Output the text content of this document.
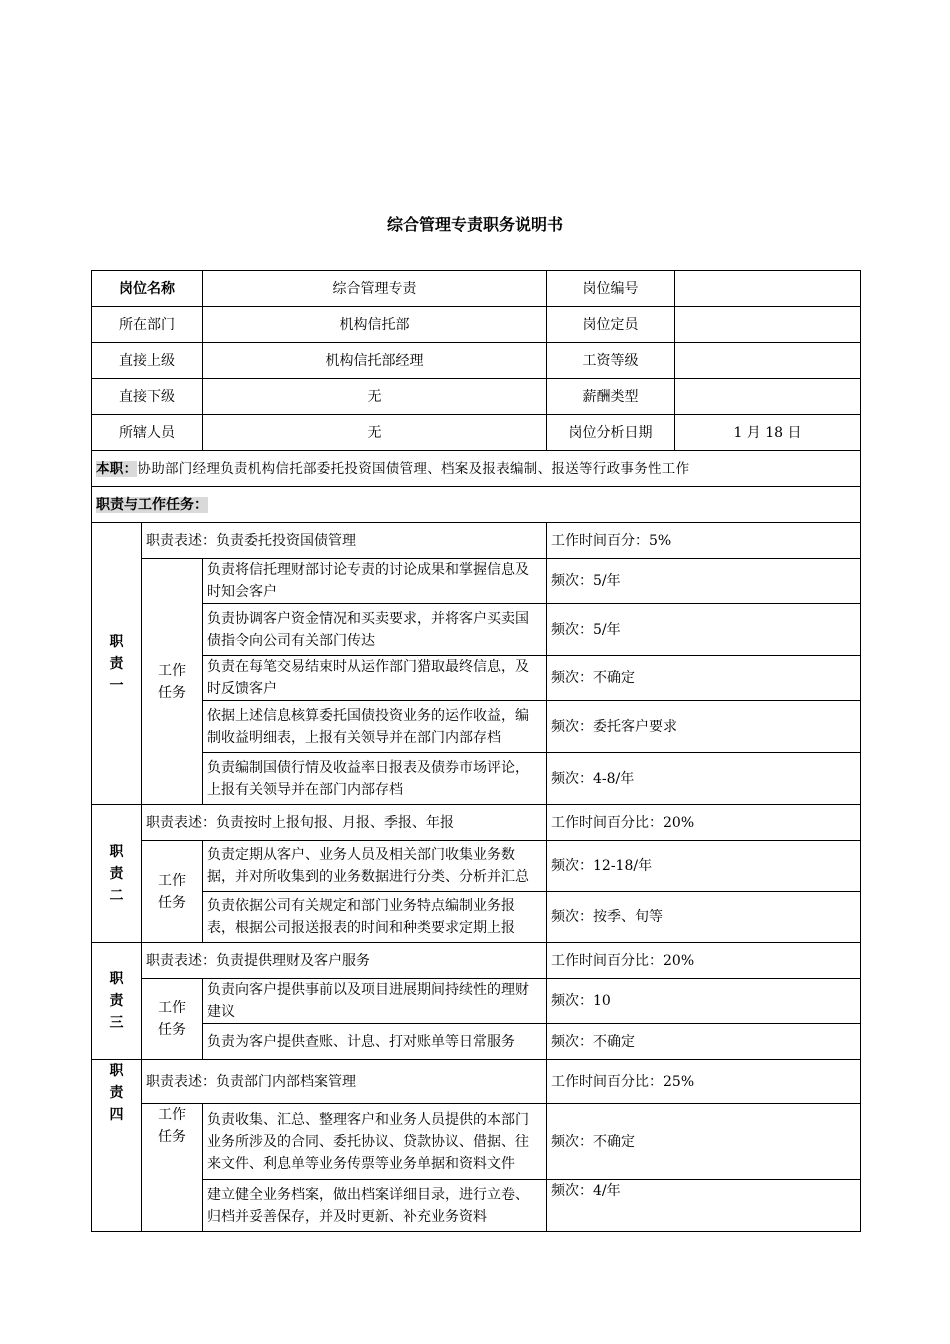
综合管理专责职务说明书
岗位名称		综合管理专责	岗位编号	
所在部门		机构信托部	岗位定员	
直接上级		机构信托部经理	工资等级	
直接下级		无	薪酬类型	
所辖人员		无	岗位分析日期	1 月 18 日
本职：协助部门经理负责机构信托部委托投资国债管理、档案及报表编制、报送等行政事务性工作				
职责与工作任务：				
职责一	职责表述：负责委托投资国债管理		工作时间百分：5%	
	工作任务	负责将信托理财部讨论专责的讨论成果和掌握信息及时知会客户	频次：5/年	
		负责协调客户资金情况和买卖要求，并将客户买卖国债指令向公司有关部门传达	频次：5/年	
		负责在每笔交易结束时从运作部门猎取最终信息，及时反馈客户	频次：不确定	
		依据上述信息核算委托国债投资业务的运作收益，编制收益明细表，上报有关领导并在部门内部存档	频次：委托客户要求	
		负责编制国债行情及收益率日报表及债券市场评论，上报有关领导并在部门内部存档	频次：4-8/年	
职责二	职责表述：负责按时上报旬报、月报、季报、年报		工作时间百分比：20%	
	工作任务	负责定期从客户、业务人员及相关部门收集业务数据，并对所收集到的业务数据进行分类、分析并汇总	频次：12-18/年	
		负责依据公司有关规定和部门业务特点编制业务报表，根据公司报送报表的时间和种类要求定期上报	频次：按季、旬等	
职责三	职责表述：负责提供理财及客户服务		工作时间百分比：20%	
	工作任务	负责向客户提供事前以及项目进展期间持续性的理财建议	频次：10	
		负责为客户提供查账、计息、打对账单等日常服务	频次：不确定	
职责四	职责表述：负责部门内部档案管理		工作时间百分比：25%	
	工作任务	负责收集、汇总、整理客户和业务人员提供的本部门业务所涉及的合同、委托协议、贷款协议、借据、往来文件、利息单等业务传票等业务单据和资料文件	频次：不确定	
		建立健全业务档案，做出档案详细目录，进行立卷、归档并妥善保存，并及时更新、补充业务资料	频次：4/年	
